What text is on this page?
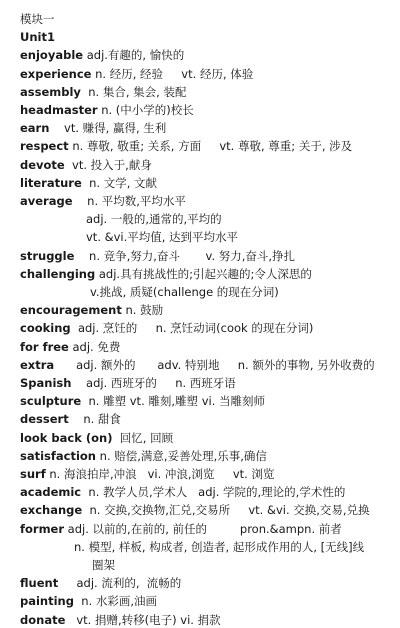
模块一
Unit1
enjoyable adj.有趣的, 愉快的
experience n. 经历, 经验     vt. 经历, 体验
assembly  n. 集合, 集会, 装配
headmaster n. (中小学的)校长
earn    vt. 赚得, 赢得, 生利
respect n. 尊敬, 敬重; 关系, 方面     vt. 尊敬, 尊重; 关于, 涉及
devote  vt. 投入于,献身
literature  n. 文学, 文献
average    n. 平均数,平均水平
adj. 一般的,通常的,平均的
vt. &vi.平均值, 达到平均水平
struggle    n. 竞争,努力,奋斗       v. 努力,奋斗,挣扎
challenging adj.具有挑战性的;引起兴趣的;令人深思的
v.挑战, 质疑(challenge 的现在分词)
encouragement n. 鼓励
cooking  adj. 烹饪的     n. 烹饪动词(cook 的现在分词)
for free adj. 免费
extra      adj. 额外的      adv. 特别地     n. 额外的事物, 另外收费的
Spanish    adj. 西班牙的     n. 西班牙语
sculpture  n. 雕塑 vt. 雕刻,雕塑 vi. 当雕刻师
dessert    n. 甜食
look back (on)  回忆, 回顾
satisfaction n. 赔偿,满意,妥善处理,乐事,确信
surf n. 海浪拍岸,冲浪   vi. 冲浪,浏览     vt. 浏览
academic  n. 教学人员,学术人   adj. 学院的,理论的,学术性的
exchange  n. 交换,交换物,汇兑,交易所     vt. &vi. 交换,交易,兑换
former adj. 以前的,在前的, 前任的         pron.&ampn. 前者
n. 模型, 样板, 构成者, 创造者, 起形成作用的人, [无线]线
圈架
fluent     adj. 流利的,  流畅的
painting  n. 水彩画,油画
donate   vt. 捐赠,转移(电子) vi. 捐款
